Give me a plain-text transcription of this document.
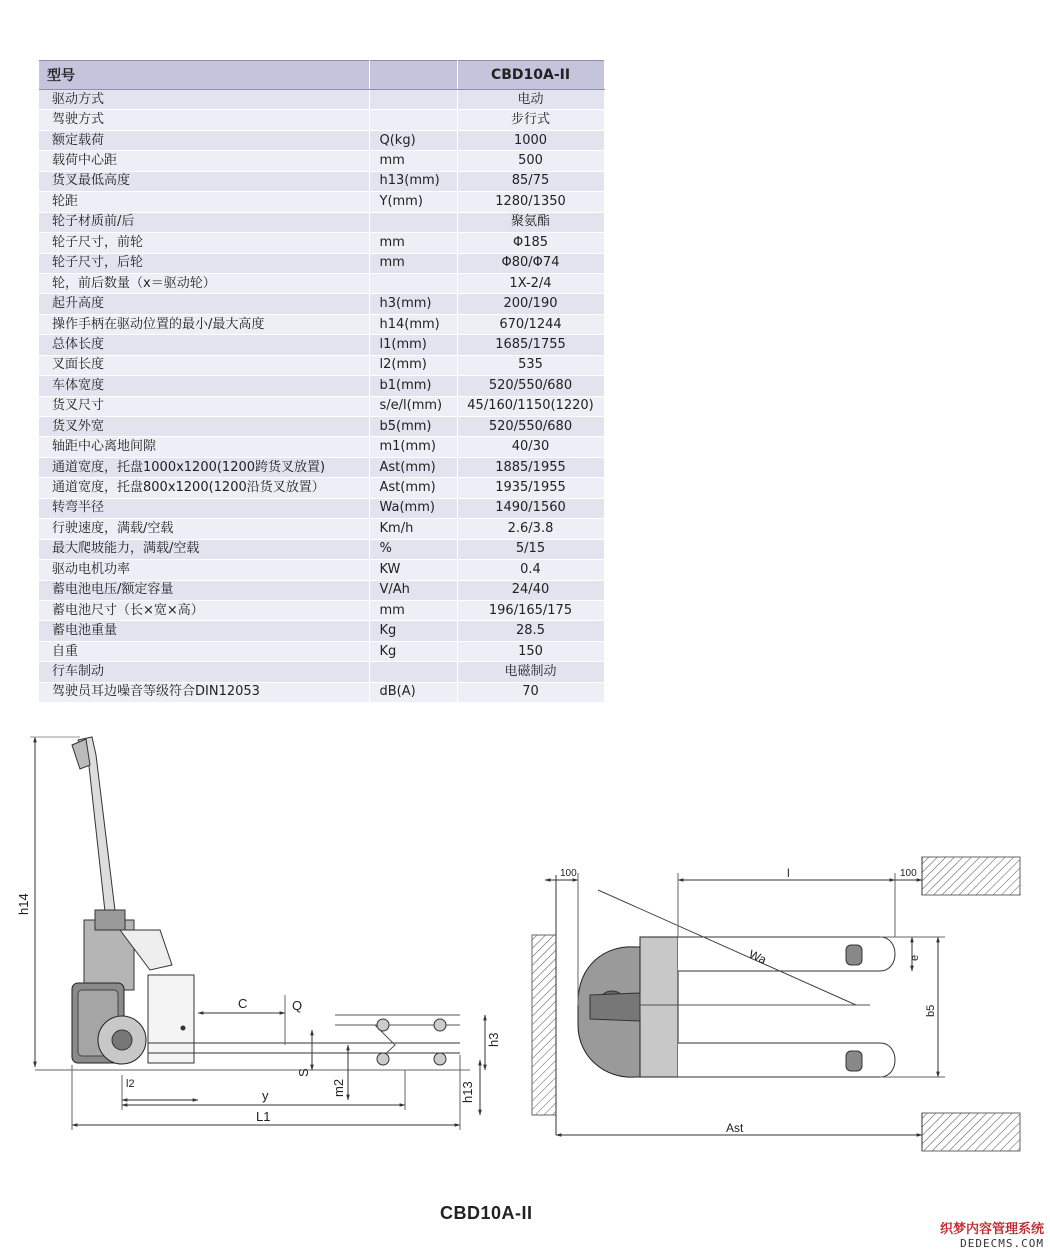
型号		CBD10A-II
驱动方式		电动
驾驶方式		步行式
额定载荷	Q(kg)	1000
载荷中心距	mm	500
货叉最低高度	h13(mm)	85/75
轮距	Y(mm)	1280/1350
轮子材质前/后		聚氨酯
轮子尺寸，前轮	mm	Φ185
轮子尺寸，后轮	mm	Φ80/Φ74
轮，前后数量（x＝驱动轮）		1X-2/4
起升高度	h3(mm)	200/190
操作手柄在驱动位置的最小/最大高度	h14(mm)	670/1244
总体长度	l1(mm)	1685/1755
叉面长度	l2(mm)	535
车体宽度	b1(mm)	520/550/680
货叉尺寸	s/e/l(mm)	45/160/1150(1220)
货叉外宽	b5(mm)	520/550/680
轴距中心离地间隙	m1(mm)	40/30
通道宽度，托盘1000x1200(1200跨货叉放置)	Ast(mm)	1885/1955
通道宽度，托盘800x1200(1200沿货叉放置）	Ast(mm)	1935/1955
转弯半径	Wa(mm)	1490/1560
行驶速度，满载/空载	Km/h	2.6/3.8
最大爬坡能力，满载/空载	%	5/15
驱动电机功率	KW	0.4
蓄电池电压/额定容量	V/Ah	24/40
蓄电池尺寸（长×宽×高）	mm	196/165/175
蓄电池重量	Kg	28.5
自重	Kg	150
行车制动		电磁制动
驾驶员耳边噪音等级符合DIN12053	dB(A)	70
h14
C	Q
h3
S
m2	h13
l2
y
L1
100	l	100
Wa	e
b5
Ast
CBD10A-II
织梦内容管理系统
DEDECMS.COM
